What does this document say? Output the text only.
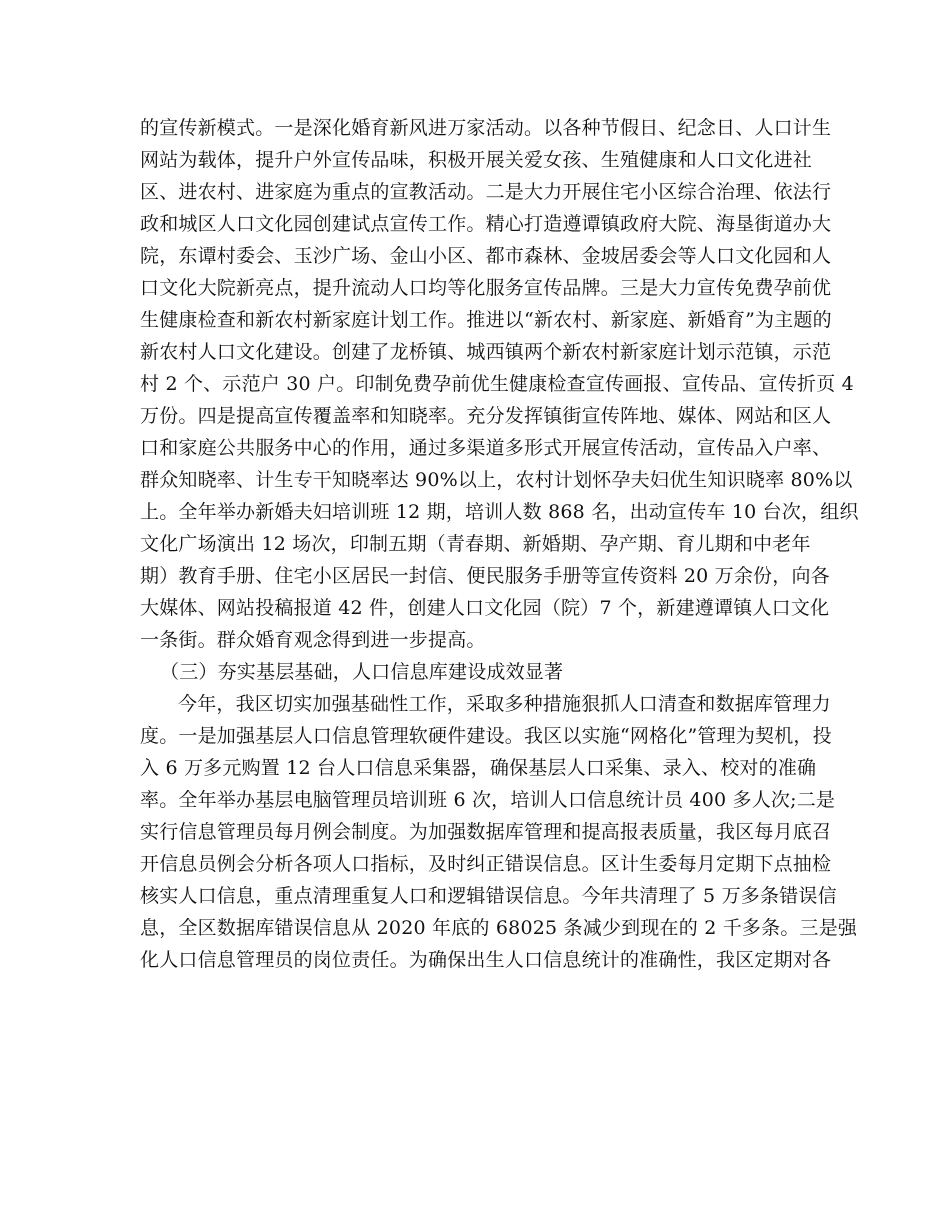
的宣传新模式。一是深化婚育新风进万家活动。以各种节假日、纪念日、人口计生
网站为载体，提升户外宣传品味，积极开展关爱女孩、生殖健康和人口文化进社
区、进农村、进家庭为重点的宣教活动。二是大力开展住宅小区综合治理、依法行
政和城区人口文化园创建试点宣传工作。精心打造遵谭镇政府大院、海垦街道办大
院，东谭村委会、玉沙广场、金山小区、都市森林、金坡居委会等人口文化园和人
口文化大院新亮点，提升流动人口均等化服务宣传品牌。三是大力宣传免费孕前优
生健康检查和新农村新家庭计划工作。推进以“新农村、新家庭、新婚育”为主题的
新农村人口文化建设。创建了龙桥镇、城西镇两个新农村新家庭计划示范镇，示范
村 2 个、示范户 30 户。印制免费孕前优生健康检查宣传画报、宣传品、宣传折页 4
万份。四是提高宣传覆盖率和知晓率。充分发挥镇街宣传阵地、媒体、网站和区人
口和家庭公共服务中心的作用，通过多渠道多形式开展宣传活动，宣传品入户率、
群众知晓率、计生专干知晓率达 90%以上，农村计划怀孕夫妇优生知识晓率 80%以
上。全年举办新婚夫妇培训班 12 期，培训人数 868 名，出动宣传车 10 台次，组织
文化广场演出 12 场次，印制五期（青春期、新婚期、孕产期、育儿期和中老年
期）教育手册、住宅小区居民一封信、便民服务手册等宣传资料 20 万余份，向各
大媒体、网站投稿报道 42 件，创建人口文化园（院）7 个，新建遵谭镇人口文化
一条街。群众婚育观念得到进一步提高。
（三）夯实基层基础，人口信息库建设成效显著
今年，我区切实加强基础性工作，采取多种措施狠抓人口清查和数据库管理力
度。一是加强基层人口信息管理软硬件建设。我区以实施“网格化”管理为契机，投
入 6 万多元购置 12 台人口信息采集器，确保基层人口采集、录入、校对的准确
率。全年举办基层电脑管理员培训班 6 次，培训人口信息统计员 400 多人次;二是
实行信息管理员每月例会制度。为加强数据库管理和提高报表质量，我区每月底召
开信息员例会分析各项人口指标，及时纠正错误信息。区计生委每月定期下点抽检
核实人口信息，重点清理重复人口和逻辑错误信息。今年共清理了 5 万多条错误信
息，全区数据库错误信息从 2020 年底的 68025 条减少到现在的 2 千多条。三是强
化人口信息管理员的岗位责任。为确保出生人口信息统计的准确性，我区定期对各
